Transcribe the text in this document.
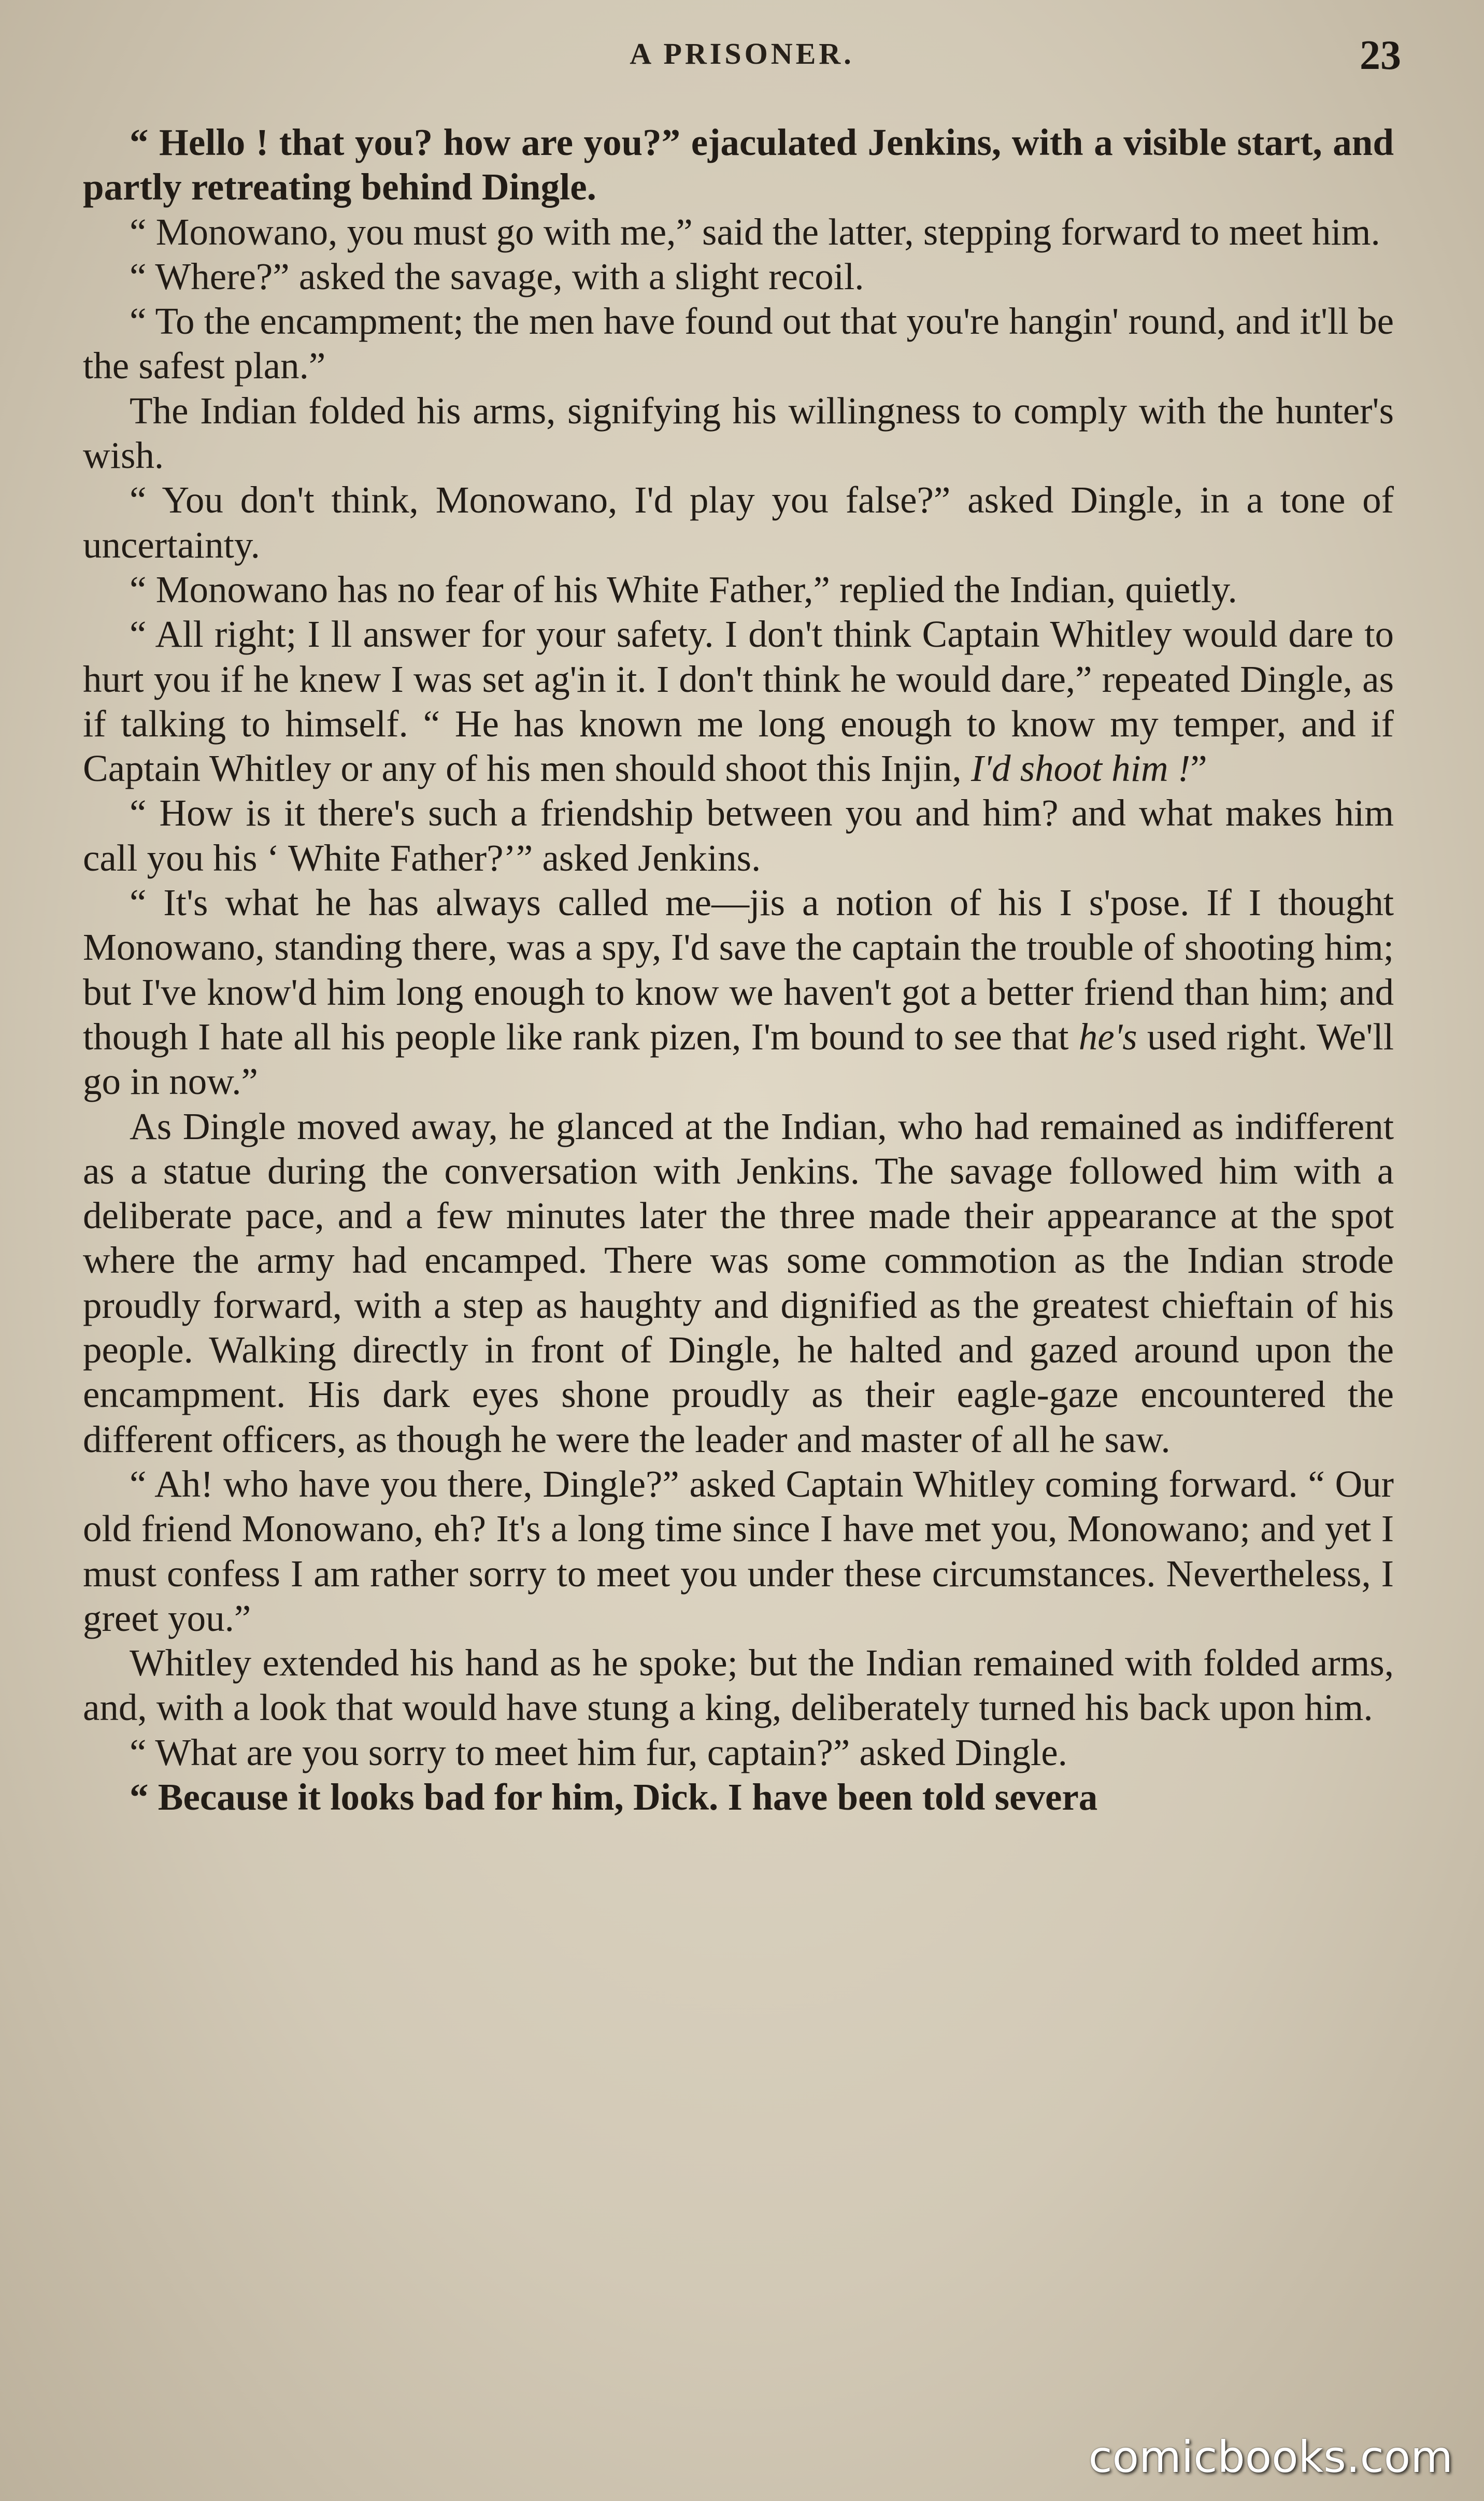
A PRISONER.	23

“ Hello ! that you? how are you?” ejaculated Jenkins, with a visible start, and partly retreating behind Dingle.

“ Monowano, you must go with me,” said the latter, stepping forward to meet him.

“ Where?” asked the savage, with a slight recoil.

“ To the encampment; the men have found out that you're hangin' round, and it'll be the safest plan.”

The Indian folded his arms, signifying his willingness to comply with the hunter's wish.

“ You don't think, Monowano, I'd play you false?” asked Dingle, in a tone of uncertainty.

“ Monowano has no fear of his White Father,” replied the Indian, quietly.

“ All right; I ll answer for your safety. I don't think Captain Whitley would dare to hurt you if he knew I was set ag'in it. I don't think he would dare,” repeated Dingle, as if talking to himself. “ He has known me long enough to know my temper, and if Captain Whitley or any of his men should shoot this Injin, I'd shoot him !”

“ How is it there's such a friendship between you and him? and what makes him call you his ‘ White Father?’” asked Jenkins.

“ It's what he has always called me—jis a notion of his I s'pose. If I thought Monowano, standing there, was a spy, I'd save the captain the trouble of shooting him; but I've know'd him long enough to know we haven't got a better friend than him; and though I hate all his people like rank pizen, I'm bound to see that he's used right. We'll go in now.”

As Dingle moved away, he glanced at the Indian, who had remained as indifferent as a statue during the conversation with Jenkins. The savage followed him with a deliberate pace, and a few minutes later the three made their appearance at the spot where the army had encamped. There was some commotion as the Indian strode proudly forward, with a step as haughty and dignified as the greatest chieftain of his people. Walking directly in front of Dingle, he halted and gazed around upon the encampment. His dark eyes shone proudly as their eagle-gaze encountered the different officers, as though he were the leader and master of all he saw.

“ Ah! who have you there, Dingle?” asked Captain Whitley coming forward. “ Our old friend Monowano, eh? It's a long time since I have met you, Monowano; and yet I must confess I am rather sorry to meet you under these circumstances. Nevertheless, I greet you.”

Whitley extended his hand as he spoke; but the Indian remained with folded arms, and, with a look that would have stung a king, deliberately turned his back upon him.

“ What are you sorry to meet him fur, captain?” asked Dingle.

“ Because it looks bad for him, Dick. I have been told severa

comicbooks.com
